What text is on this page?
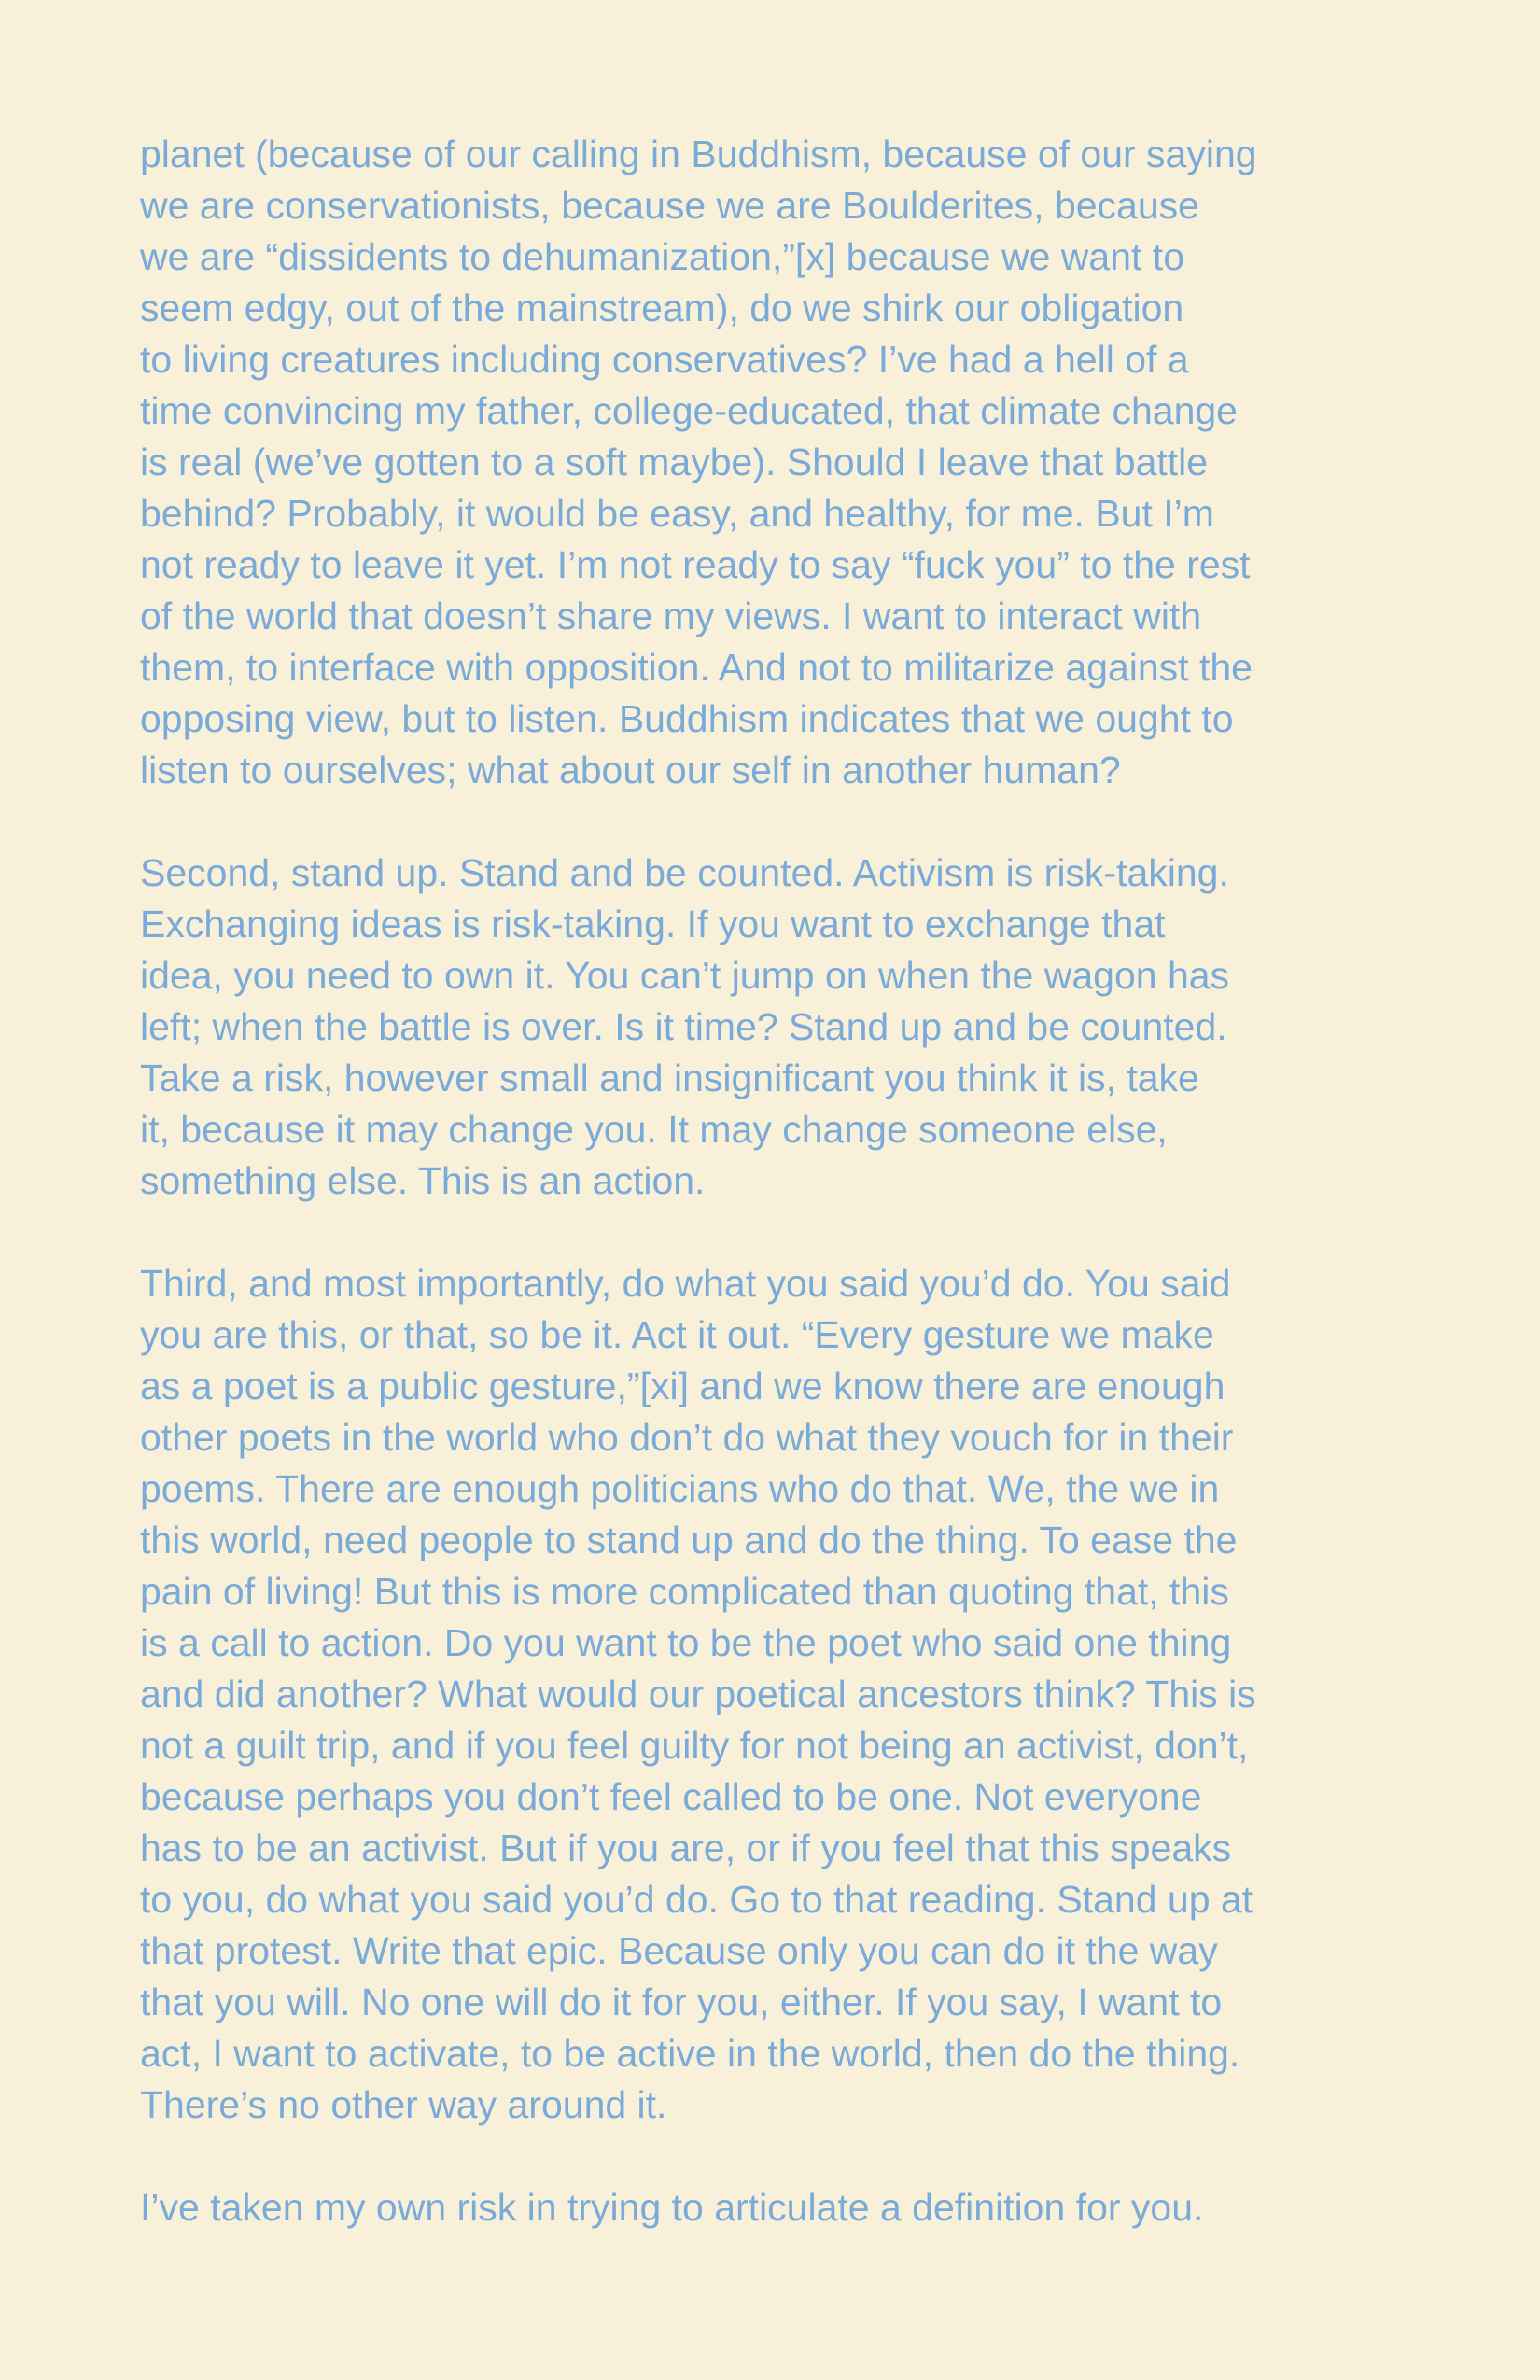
planet (because of our calling in Buddhism, because of our saying
we are conservationists, because we are Boulderites, because
we are “dissidents to dehumanization,”[x] because we want to
seem edgy, out of the mainstream), do we shirk our obligation
to living creatures including conservatives? I’ve had a hell of a
time convincing my father, college-educated, that climate change
is real (we’ve gotten to a soft maybe). Should I leave that battle
behind? Probably, it would be easy, and healthy, for me. But I’m
not ready to leave it yet. I’m not ready to say “fuck you” to the rest
of the world that doesn’t share my views. I want to interact with
them, to interface with opposition. And not to militarize against the
opposing view, but to listen. Buddhism indicates that we ought to
listen to ourselves; what about our self in another human?

Second, stand up. Stand and be counted. Activism is risk-taking.
Exchanging ideas is risk-taking. If you want to exchange that
idea, you need to own it. You can’t jump on when the wagon has
left; when the battle is over. Is it time? Stand up and be counted.
Take a risk, however small and insignificant you think it is, take
it, because it may change you. It may change someone else,
something else. This is an action.

Third, and most importantly, do what you said you’d do. You said
you are this, or that, so be it. Act it out. “Every gesture we make
as a poet is a public gesture,”[xi] and we know there are enough
other poets in the world who don’t do what they vouch for in their
poems. There are enough politicians who do that. We, the we in
this world, need people to stand up and do the thing. To ease the
pain of living! But this is more complicated than quoting that, this
is a call to action. Do you want to be the poet who said one thing
and did another? What would our poetical ancestors think? This is
not a guilt trip, and if you feel guilty for not being an activist, don’t,
because perhaps you don’t feel called to be one. Not everyone
has to be an activist. But if you are, or if you feel that this speaks
to you, do what you said you’d do. Go to that reading. Stand up at
that protest. Write that epic. Because only you can do it the way
that you will. No one will do it for you, either. If you say, I want to
act, I want to activate, to be active in the world, then do the thing.
There’s no other way around it.

I’ve taken my own risk in trying to articulate a definition for you.
